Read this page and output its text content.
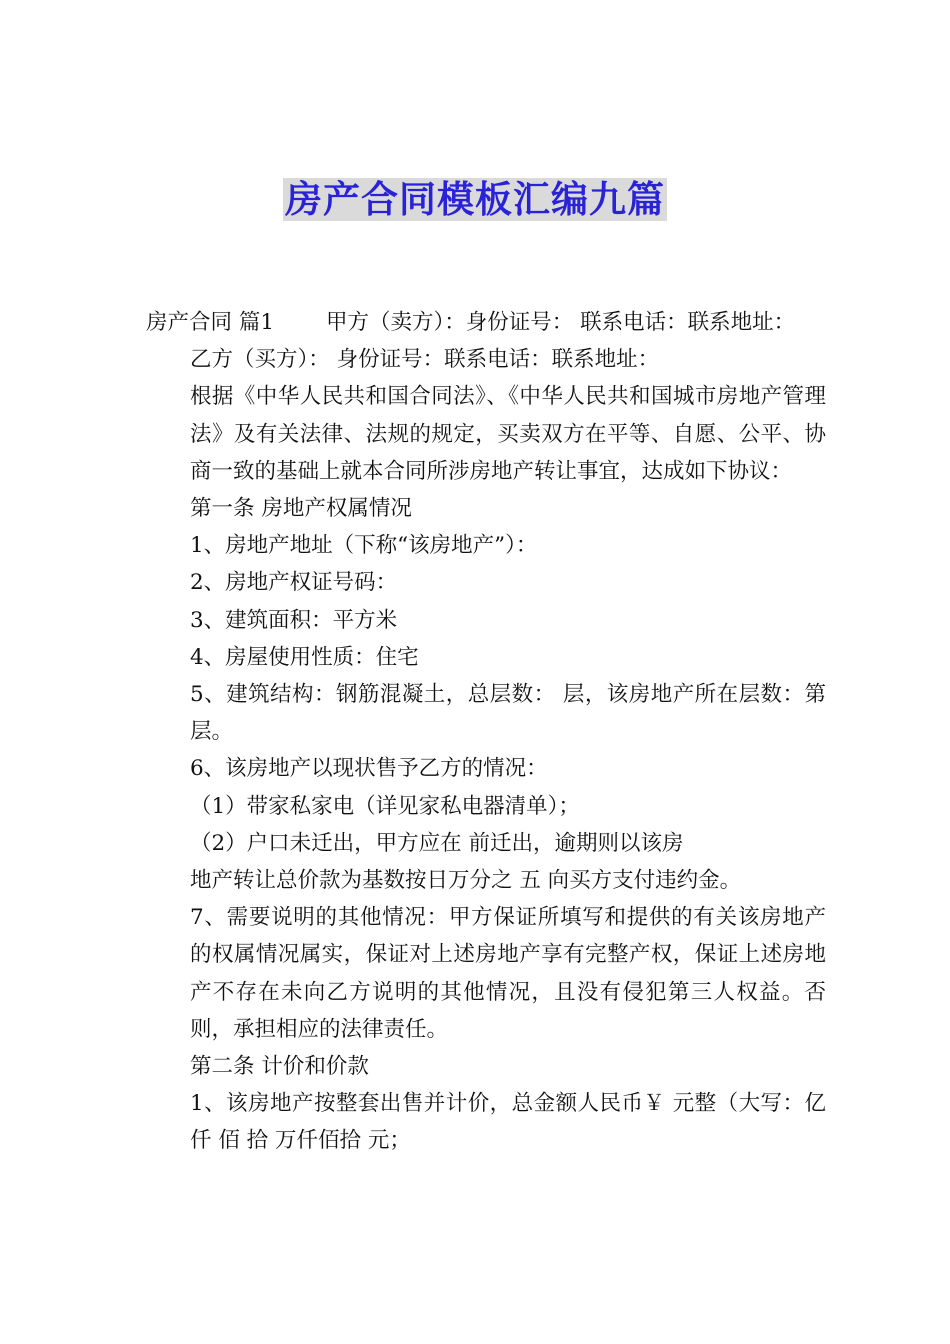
房产合同模板汇编九篇

房产合同 篇1 甲方（卖方）：身份证号： 联系电话：联系地址：

乙方（买方）： 身份证号：联系电话：联系地址：

根据《中华人民共和国合同法》、《中华人民共和国城市房地产管理法》及有关法律、法规的规定，买卖双方在平等、自愿、公平、协商一致的基础上就本合同所涉房地产转让事宜，达成如下协议：

第一条 房地产权属情况

1、房地产地址（下称“该房地产”）：

2、房地产权证号码：

3、建筑面积：平方米

4、房屋使用性质：住宅

5、建筑结构：钢筋混凝土，总层数： 层，该房地产所在层数：第层。

6、该房地产以现状售予乙方的情况：

（1）带家私家电（详见家私电器清单）；

（2）户口未迁出，甲方应在 前迁出，逾期则以该房

地产转让总价款为基数按日万分之 五 向买方支付违约金。

7、需要说明的其他情况：甲方保证所填写和提供的有关该房地产的权属情况属实，保证对上述房地产享有完整产权，保证上述房地产不存在未向乙方说明的其他情况，且没有侵犯第三人权益。否则，承担相应的法律责任。

第二条 计价和价款

1、该房地产按整套出售并计价，总金额人民币￥ 元整（大写：亿 仟 佰 拾 万仟佰拾 元；
